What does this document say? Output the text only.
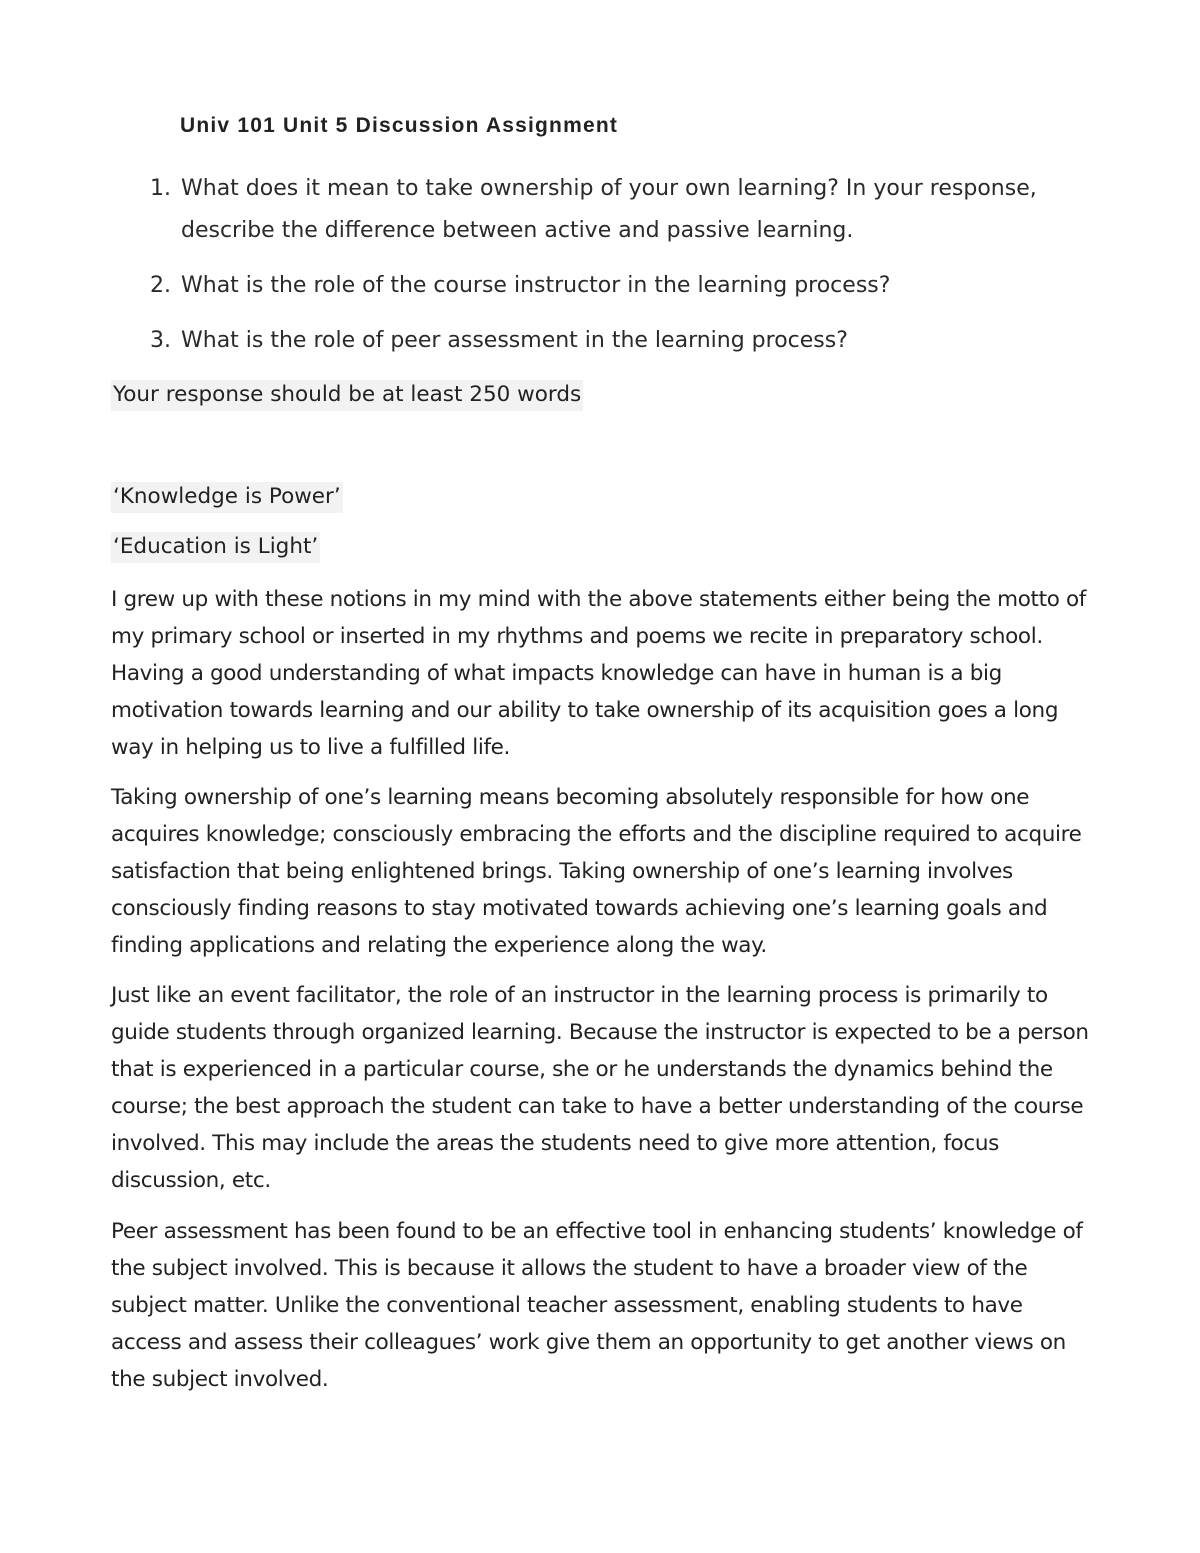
Univ 101 Unit 5 Discussion Assignment
1. What does it mean to take ownership of your own learning? In your response, describe the difference between active and passive learning.
2. What is the role of the course instructor in the learning process?
3. What is the role of peer assessment in the learning process?

Your response should be at least 250 words

‘Knowledge is Power’

‘Education is Light’

I grew up with these notions in my mind with the above statements either being the motto of my primary school or inserted in my rhythms and poems we recite in preparatory school. Having a good understanding of what impacts knowledge can have in human is a big motivation towards learning and our ability to take ownership of its acquisition goes a long way in helping us to live a fulfilled life.

Taking ownership of one’s learning means becoming absolutely responsible for how one acquires knowledge; consciously embracing the efforts and the discipline required to acquire satisfaction that being enlightened brings. Taking ownership of one’s learning involves consciously finding reasons to stay motivated towards achieving one’s learning goals and finding applications and relating the experience along the way.

Just like an event facilitator, the role of an instructor in the learning process is primarily to guide students through organized learning. Because the instructor is expected to be a person that is experienced in a particular course, she or he understands the dynamics behind the course; the best approach the student can take to have a better understanding of the course involved. This may include the areas the students need to give more attention, focus discussion, etc.

Peer assessment has been found to be an effective tool in enhancing students’ knowledge of the subject involved. This is because it allows the student to have a broader view of the subject matter. Unlike the conventional teacher assessment, enabling students to have access and assess their colleagues’ work give them an opportunity to get another views on the subject involved.
